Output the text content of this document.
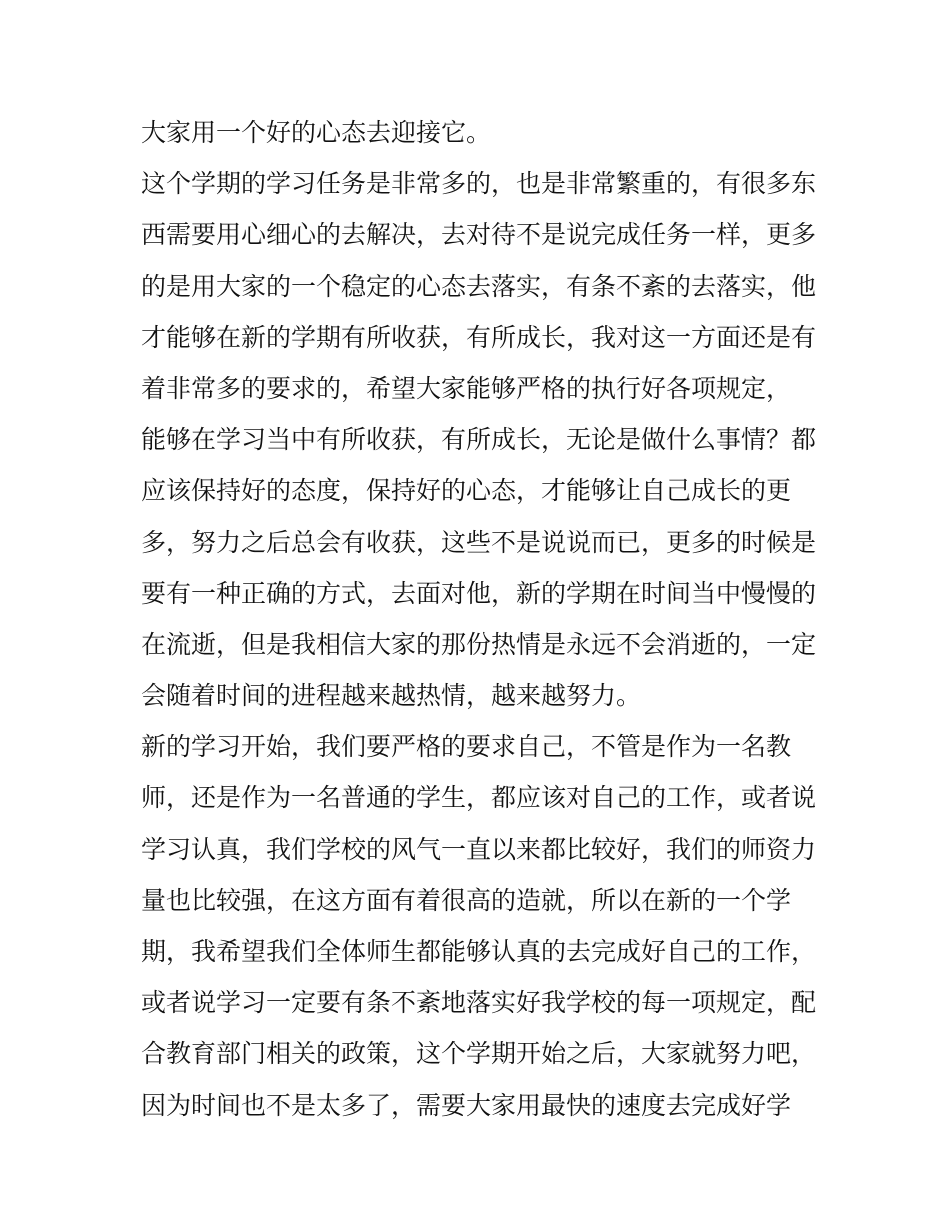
大家用一个好的心态去迎接它。
这个学期的学习任务是非常多的，也是非常繁重的，有很多东
西需要用心细心的去解决，去对待不是说完成任务一样，更多
的是用大家的一个稳定的心态去落实，有条不紊的去落实，他
才能够在新的学期有所收获，有所成长，我对这一方面还是有
着非常多的要求的，希望大家能够严格的执行好各项规定，
能够在学习当中有所收获，有所成长，无论是做什么事情？都
应该保持好的态度，保持好的心态，才能够让自己成长的更
多，努力之后总会有收获，这些不是说说而已，更多的时候是
要有一种正确的方式，去面对他，新的学期在时间当中慢慢的
在流逝，但是我相信大家的那份热情是永远不会消逝的，一定
会随着时间的进程越来越热情，越来越努力。
新的学习开始，我们要严格的要求自己，不管是作为一名教
师，还是作为一名普通的学生，都应该对自己的工作，或者说
学习认真，我们学校的风气一直以来都比较好，我们的师资力
量也比较强，在这方面有着很高的造就，所以在新的一个学
期，我希望我们全体师生都能够认真的去完成好自己的工作，
或者说学习一定要有条不紊地落实好我学校的每一项规定，配
合教育部门相关的政策，这个学期开始之后，大家就努力吧，
因为时间也不是太多了，需要大家用最快的速度去完成好学
